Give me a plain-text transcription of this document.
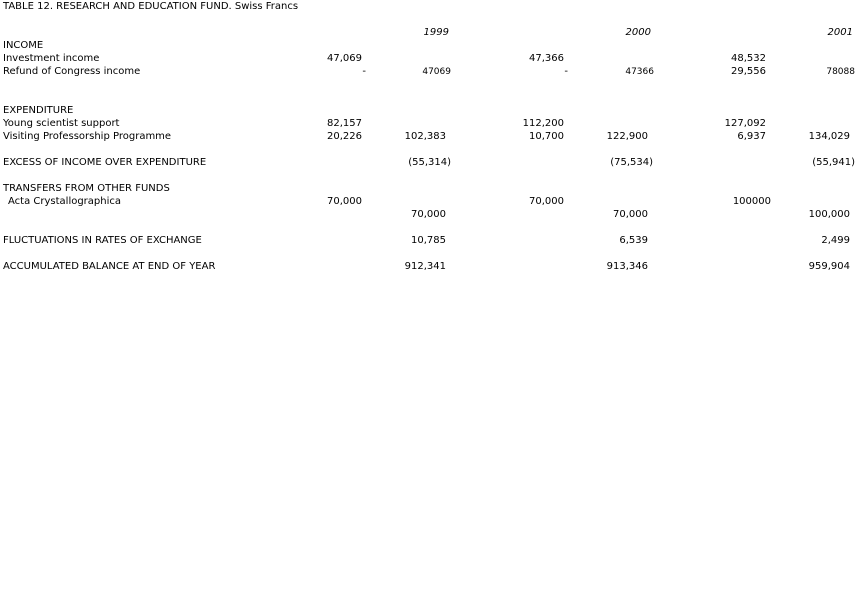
TABLE 12. RESEARCH AND EDUCATION FUND. Swiss Francs
1999	2000	2001
INCOME
Investment income	47,069	47,366	48,532
Refund of Congress income	-	47069	-	47366	29,556	78088
EXPENDITURE
Young scientist support	82,157	112,200	127,092
Visiting Professorship Programme	20,226	102,383	10,700	122,900	6,937	134,029
EXCESS OF INCOME OVER EXPENDITURE	(55,314)	(75,534)	(55,941)
TRANSFERS FROM OTHER FUNDS
Acta Crystallographica	70,000	70,000	100000
70,000	70,000	100,000
FLUCTUATIONS IN RATES OF EXCHANGE	10,785	6,539	2,499
ACCUMULATED BALANCE AT END OF YEAR	912,341	913,346	959,904
